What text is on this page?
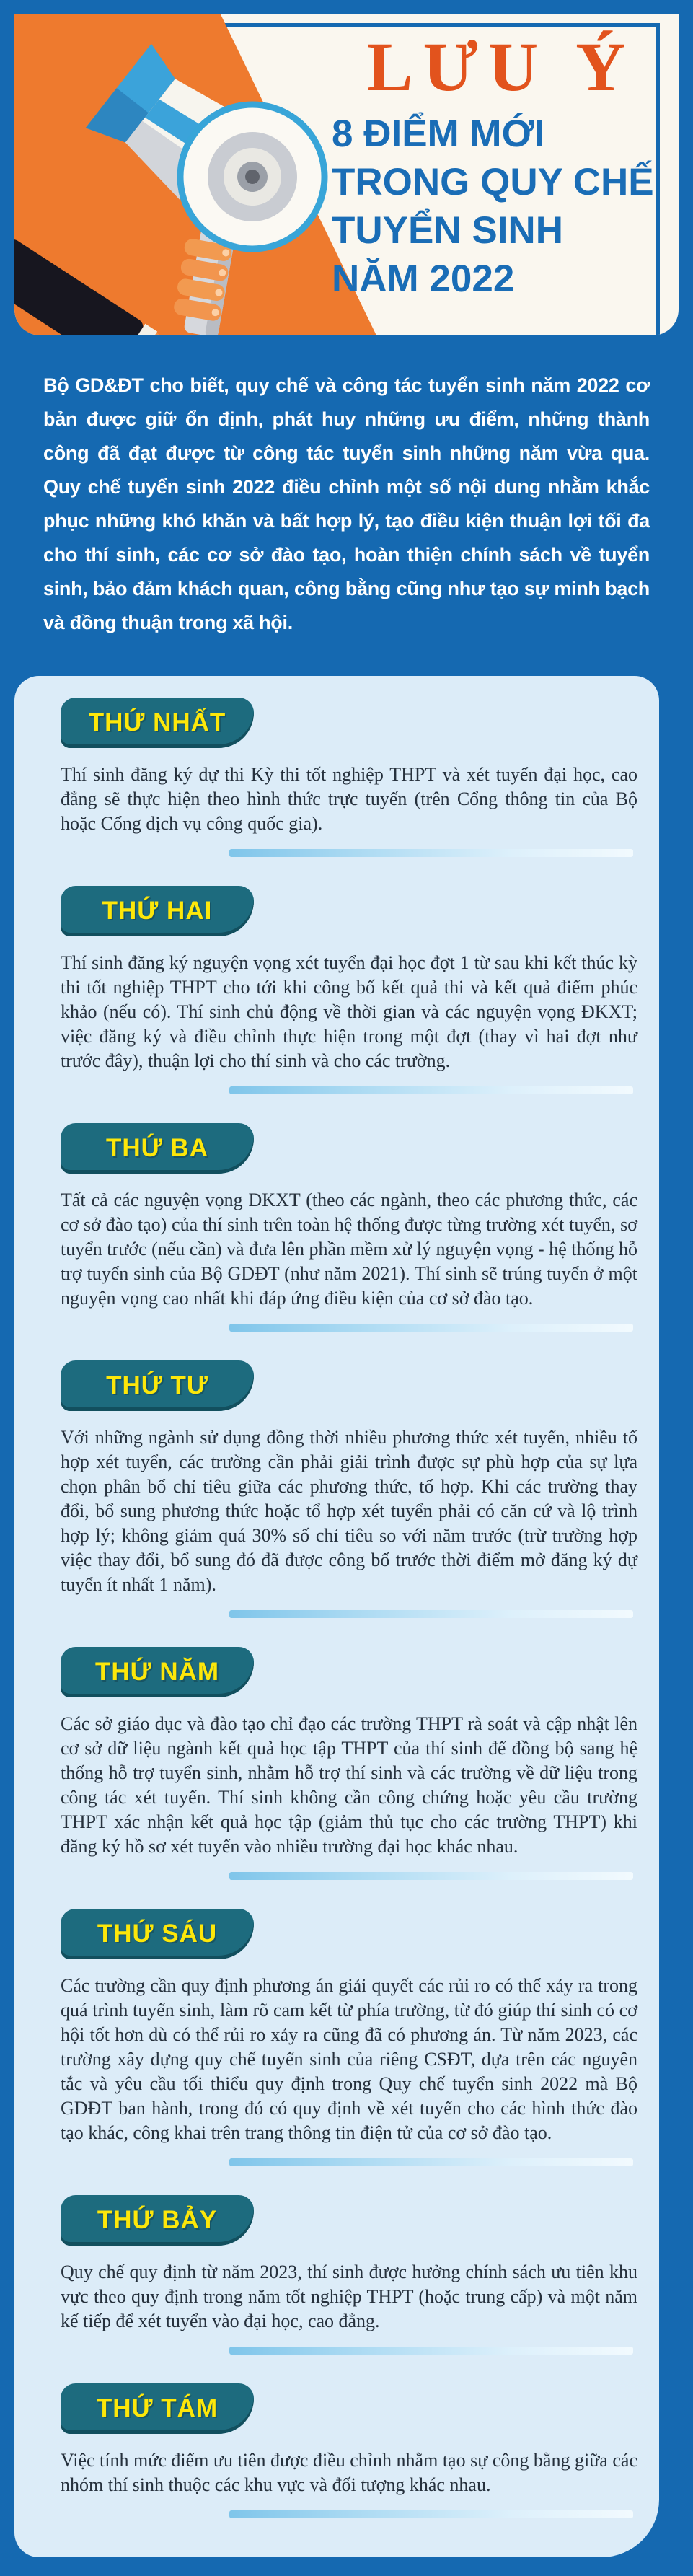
LƯU Ý
8 ĐIỂM MỚI
TRONG QUY CHẾ
TUYỂN SINH
NĂM 2022

Bộ GD&ĐT cho biết, quy chế và công tác tuyển sinh năm 2022 cơ bản được giữ ổn định, phát huy những ưu điểm, những thành công đã đạt được từ công tác tuyển sinh những năm vừa qua. Quy chế tuyển sinh 2022 điều chỉnh một số nội dung nhằm khắc phục những khó khăn và bất hợp lý, tạo điều kiện thuận lợi tối đa cho thí sinh, các cơ sở đào tạo, hoàn thiện chính sách về tuyển sinh, bảo đảm khách quan, công bằng cũng như tạo sự minh bạch và đồng thuận trong xã hội.

THỨ NHẤT

Thí sinh đăng ký dự thi Kỳ thi tốt nghiệp THPT và xét tuyển đại học, cao đẳng sẽ thực hiện theo hình thức trực tuyến (trên Cổng thông tin của Bộ hoặc Cổng dịch vụ công quốc gia).

THỨ HAI

Thí sinh đăng ký nguyện vọng xét tuyển đại học đợt 1 từ sau khi kết thúc kỳ thi tốt nghiệp THPT cho tới khi công bố kết quả thi và kết quả điểm phúc khảo (nếu có). Thí sinh chủ động về thời gian và các nguyện vọng ĐKXT; việc đăng ký và điều chỉnh thực hiện trong một đợt (thay vì hai đợt như trước đây), thuận lợi cho thí sinh và cho các trường.

THỨ BA

Tất cả các nguyện vọng ĐKXT (theo các ngành, theo các phương thức, các cơ sở đào tạo) của thí sinh trên toàn hệ thống được từng trường xét tuyển, sơ tuyển trước (nếu cần) và đưa lên phần mềm xử lý nguyện vọng - hệ thống hỗ trợ tuyển sinh của Bộ GDĐT (như năm 2021). Thí sinh sẽ trúng tuyển ở một nguyện vọng cao nhất khi đáp ứng điều kiện của cơ sở đào tạo.

THỨ TƯ

Với những ngành sử dụng đồng thời nhiều phương thức xét tuyển, nhiều tổ hợp xét tuyển, các trường cần phải giải trình được sự phù hợp của sự lựa chọn phân bổ chỉ tiêu giữa các phương thức, tổ hợp. Khi các trường thay đổi, bổ sung phương thức hoặc tổ hợp xét tuyển phải có căn cứ và lộ trình hợp lý; không giảm quá 30% số chỉ tiêu so với năm trước (trừ trường hợp việc thay đổi, bổ sung đó đã được công bố trước thời điểm mở đăng ký dự tuyển ít nhất 1 năm).

THỨ NĂM

Các sở giáo dục và đào tạo chỉ đạo các trường THPT rà soát và cập nhật lên cơ sở dữ liệu ngành kết quả học tập THPT của thí sinh để đồng bộ sang hệ thống hỗ trợ tuyển sinh, nhằm hỗ trợ thí sinh và các trường về dữ liệu trong công tác xét tuyển. Thí sinh không cần công chứng hoặc yêu cầu trường THPT xác nhận kết quả học tập (giảm thủ tục cho các trường THPT) khi đăng ký hồ sơ xét tuyển vào nhiều trường đại học khác nhau.

THỨ SÁU

Các trường cần quy định phương án giải quyết các rủi ro có thể xảy ra trong quá trình tuyển sinh, làm rõ cam kết từ phía trường, từ đó giúp thí sinh có cơ hội tốt hơn dù có thể rủi ro xảy ra cũng đã có phương án. Từ năm 2023, các trường xây dựng quy chế tuyển sinh của riêng CSĐT, dựa trên các nguyên tắc và yêu cầu tối thiểu quy định trong Quy chế tuyển sinh 2022 mà Bộ GDĐT ban hành, trong đó có quy định về xét tuyển cho các hình thức đào tạo khác, công khai trên trang thông tin điện tử của cơ sở đào tạo.

THỨ BẢY

Quy chế quy định từ năm 2023, thí sinh được hưởng chính sách ưu tiên khu vực theo quy định trong năm tốt nghiệp THPT (hoặc trung cấp) và một năm kế tiếp để xét tuyển vào đại học, cao đẳng.

THỨ TÁM

Việc tính mức điểm ưu tiên được điều chỉnh nhằm tạo sự công bằng giữa các nhóm thí sinh thuộc các khu vực và đối tượng khác nhau.
